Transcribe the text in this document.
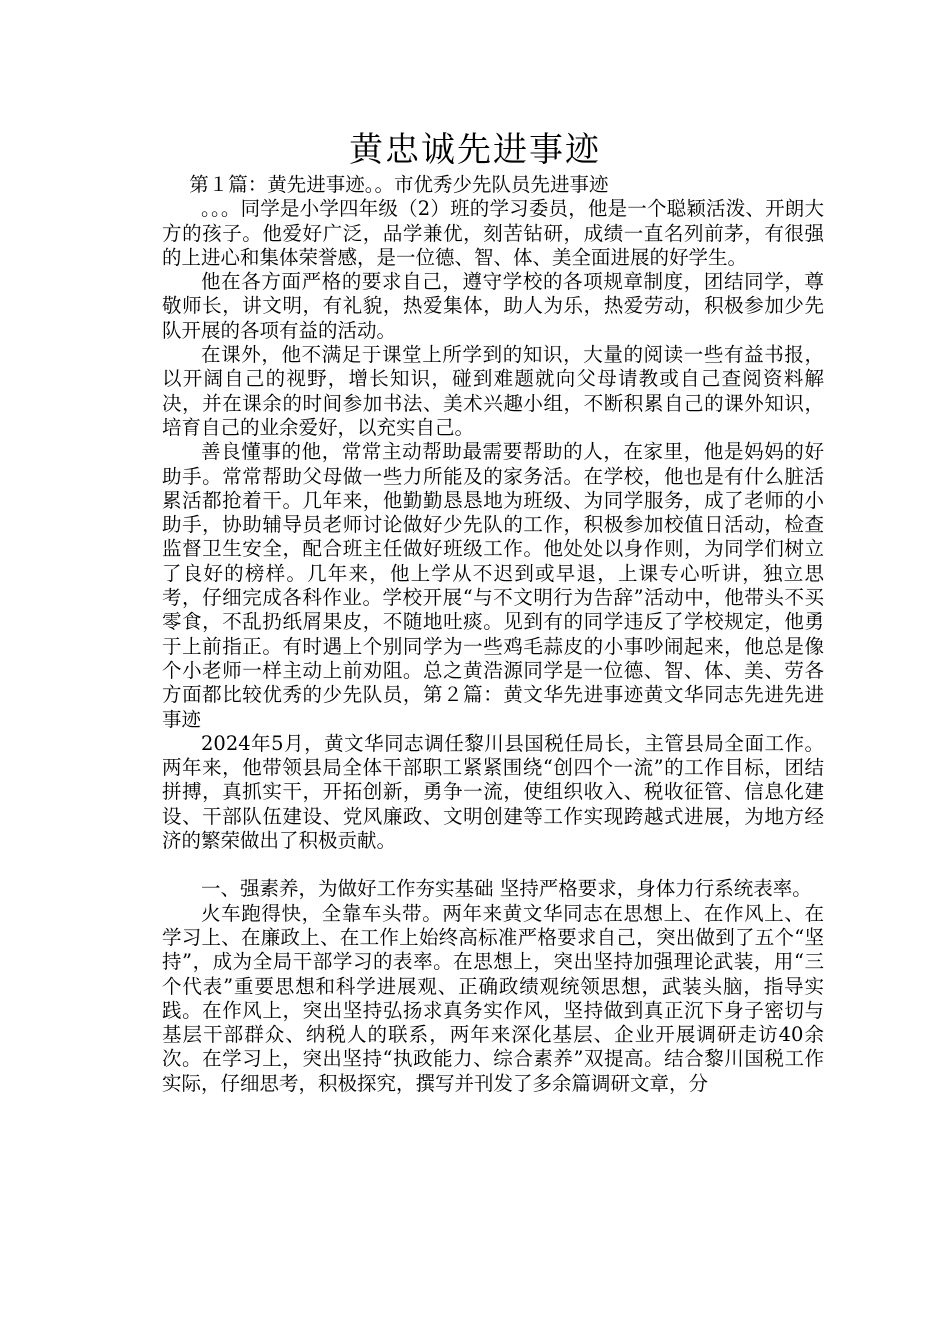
黄忠诚先进事迹

第１篇：黄先进事迹。。市优秀少先队员先进事迹

。。。同学是小学四年级（2）班的学习委员，他是一个聪颖活泼、开朗大方的孩子。他爱好广泛，品学兼优，刻苦钻研，成绩一直名列前茅，有很强的上进心和集体荣誉感，是一位德、智、体、美全面进展的好学生。

他在各方面严格的要求自己，遵守学校的各项规章制度，团结同学，尊敬师长，讲文明，有礼貌，热爱集体，助人为乐，热爱劳动，积极参加少先队开展的各项有益的活动。

在课外，他不满足于课堂上所学到的知识，大量的阅读一些有益书报，以开阔自己的视野，增长知识，碰到难题就向父母请教或自己查阅资料解决，并在课余的时间参加书法、美术兴趣小组，不断积累自己的课外知识，培育自己的业余爱好，以充实自己。

善良懂事的他，常常主动帮助最需要帮助的人，在家里，他是妈妈的好助手。常常帮助父母做一些力所能及的家务活。在学校，他也是有什么脏活累活都抢着干。几年来，他勤勤恳恳地为班级、为同学服务，成了老师的小助手，协助辅导员老师讨论做好少先队的工作，积极参加校值日活动，检查监督卫生安全，配合班主任做好班级工作。他处处以身作则，为同学们树立了良好的榜样。几年来，他上学从不迟到或早退，上课专心听讲，独立思考，仔细完成各科作业。学校开展“与不文明行为告辞”活动中，他带头不买零食，不乱扔纸屑果皮，不随地吐痰。见到有的同学违反了学校规定，他勇于上前指正。有时遇上个别同学为一些鸡毛蒜皮的小事吵闹起来，他总是像个小老师一样主动上前劝阻。总之黄浩源同学是一位德、智、体、美、劳各方面都比较优秀的少先队员，第２篇：黄文华先进事迹黄文华同志先进先进事迹

2024年5月，黄文华同志调任黎川县国税任局长，主管县局全面工作。两年来，他带领县局全体干部职工紧紧围绕“创四个一流”的工作目标，团结拼搏，真抓实干，开拓创新，勇争一流，使组织收入、税收征管、信息化建设、干部队伍建设、党风廉政、文明创建等工作实现跨越式进展，为地方经济的繁荣做出了积极贡献。

一、强素养，为做好工作夯实基础 坚持严格要求，身体力行系统表率。

火车跑得快，全靠车头带。两年来黄文华同志在思想上、在作风上、在学习上、在廉政上、在工作上始终高标准严格要求自己，突出做到了五个“坚持”，成为全局干部学习的表率。在思想上，突出坚持加强理论武装，用“三个代表”重要思想和科学进展观、正确政绩观统领思想，武装头脑，指导实践。在作风上，突出坚持弘扬求真务实作风，坚持做到真正沉下身子密切与基层干部群众、纳税人的联系，两年来深化基层、企业开展调研走访40余次。在学习上，突出坚持“执政能力、综合素养”双提高。结合黎川国税工作实际，仔细思考，积极探究，撰写并刊发了多余篇调研文章，分
